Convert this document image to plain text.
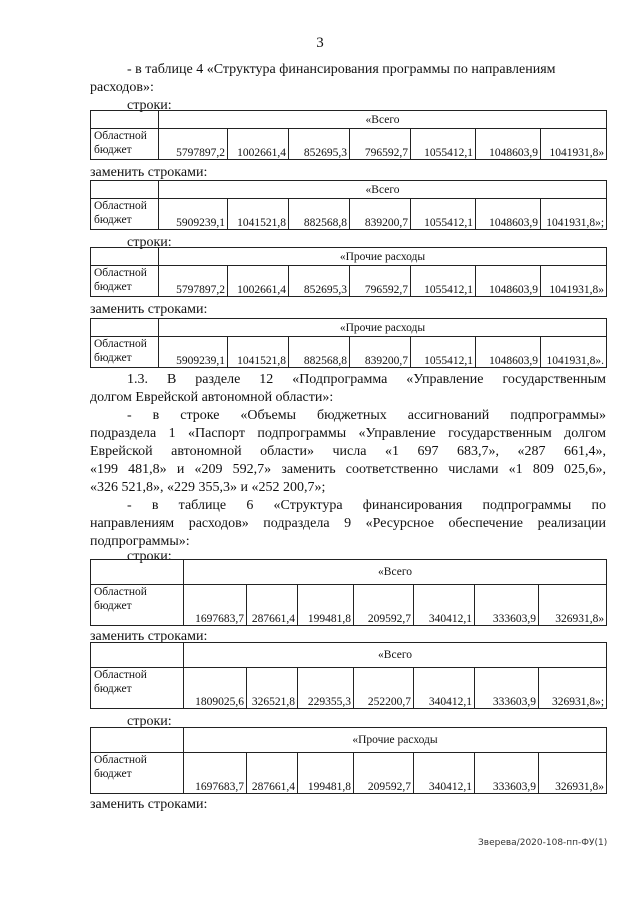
3
- в таблице 4 «Структура финансирования программы по направлениям
расходов»:
строки:
	«Всего						
Областной
бюджет	5797897,2	1002661,4	852695,3	796592,7	1055412,1	1048603,9	1041931,8»
заменить строками:
	«Всего						
Областной
бюджет	5909239,1	1041521,8	882568,8	839200,7	1055412,1	1048603,9	1041931,8»;
строки:
	«Прочие расходы						
Областной
бюджет	5797897,2	1002661,4	852695,3	796592,7	1055412,1	1048603,9	1041931,8»
заменить строками:
	«Прочие расходы						
Областной
бюджет	5909239,1	1041521,8	882568,8	839200,7	1055412,1	1048603,9	1041931,8».
1.3. В разделе 12 «Подпрограмма «Управление государственным
долгом Еврейской автономной области»:
- в строке «Объемы бюджетных ассигнований подпрограммы»
подраздела 1 «Паспорт подпрограммы «Управление государственным долгом
Еврейской автономной области» числа «1 697 683,7», «287 661,4»,
«199 481,8» и «209 592,7» заменить соответственно числами «1 809 025,6»,
«326 521,8», «229 355,3» и «252 200,7»;
- в таблице 6 «Структура финансирования подпрограммы по
направлениям расходов» подраздела 9 «Ресурсное обеспечение реализации
подпрограммы»:
строки:
	«Всего						
Областной
бюджет	1697683,7	287661,4	199481,8	209592,7	340412,1	333603,9	326931,8»
заменить строками:
	«Всего						
Областной
бюджет	1809025,6	326521,8	229355,3	252200,7	340412,1	333603,9	326931,8»;
строки:
	«Прочие расходы						
Областной
бюджет	1697683,7	287661,4	199481,8	209592,7	340412,1	333603,9	326931,8»
заменить строками:
Зверева/2020-108-пп-ФУ(1)
